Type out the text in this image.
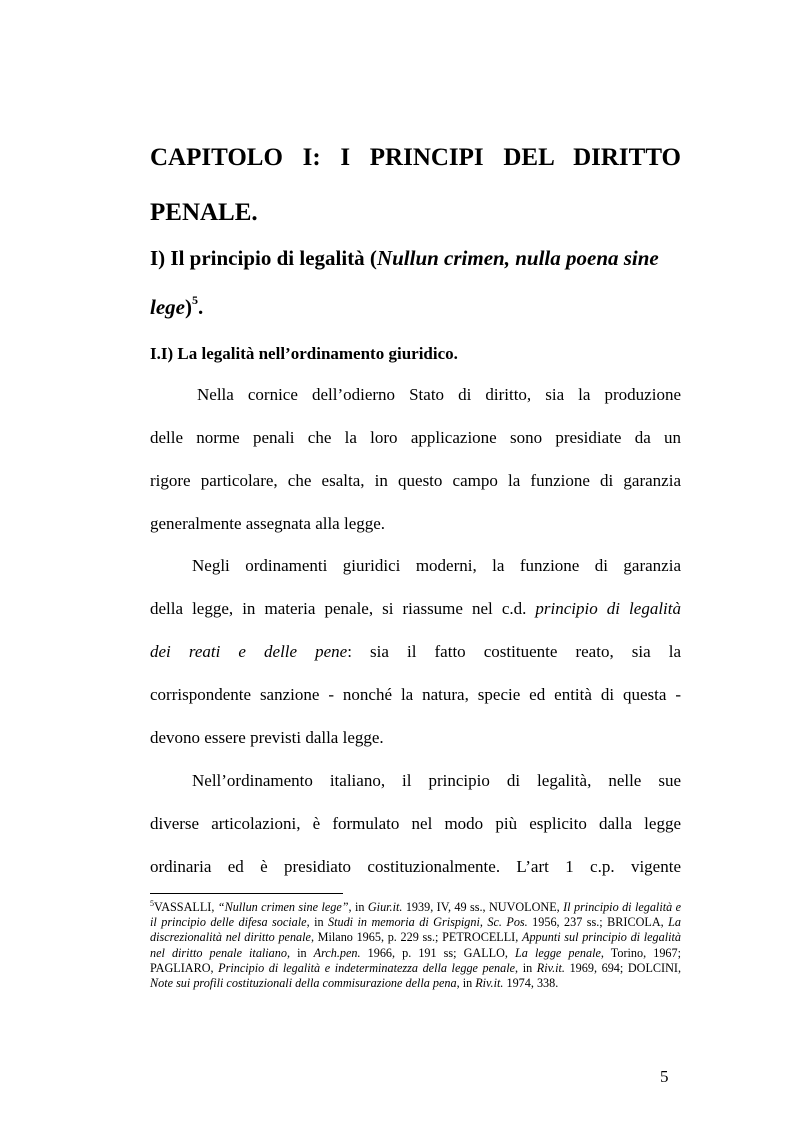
CAPITOLO I: I PRINCIPI DEL DIRITTO
PENALE.
I) Il principio di legalità (Nullun crimen, nulla poena sine
lege)$^5$.
I.I) La legalità nell’ordinamento giuridico.

Nella cornice dell’odierno Stato di diritto, sia la produzione

delle norme penali che la loro applicazione sono presidiate da un

rigore particolare, che esalta, in questo campo la funzione di garanzia

generalmente assegnata alla legge.

Negli ordinamenti giuridici moderni, la funzione di garanzia

della legge, in materia penale, si riassume nel c.d. principio di legalità

dei reati e delle pene: sia il fatto costituente reato, sia la

corrispondente sanzione - nonché la natura, specie ed entità di questa -

devono essere previsti dalla legge.

Nell’ordinamento italiano, il principio di legalità, nelle sue

diverse articolazioni, è formulato nel modo più esplicito dalla legge

ordinaria ed è presidiato costituzionalmente. L’art 1 c.p. vigente

$^5$VASSALLI, “Nullun crimen sine lege”, in Giur.it. 1939, IV, 49 ss., NUVOLONE, Il principio di legalità e il principio delle difesa sociale, in Studi in memoria di Grispigni, Sc. Pos. 1956, 237 ss.; BRICOLA, La discrezionalità nel diritto penale, Milano 1965, p. 229 ss.; PETROCELLI, Appunti sul principio di legalità nel diritto penale italiano, in Arch.pen. 1966, p. 191 ss; GALLO, La legge penale, Torino, 1967; PAGLIARO, Principio di legalità e indeterminatezza della legge penale, in Riv.it. 1969, 694; DOLCINI, Note sui profili costituzionali della commisurazione della pena, in Riv.it. 1974, 338.

5
